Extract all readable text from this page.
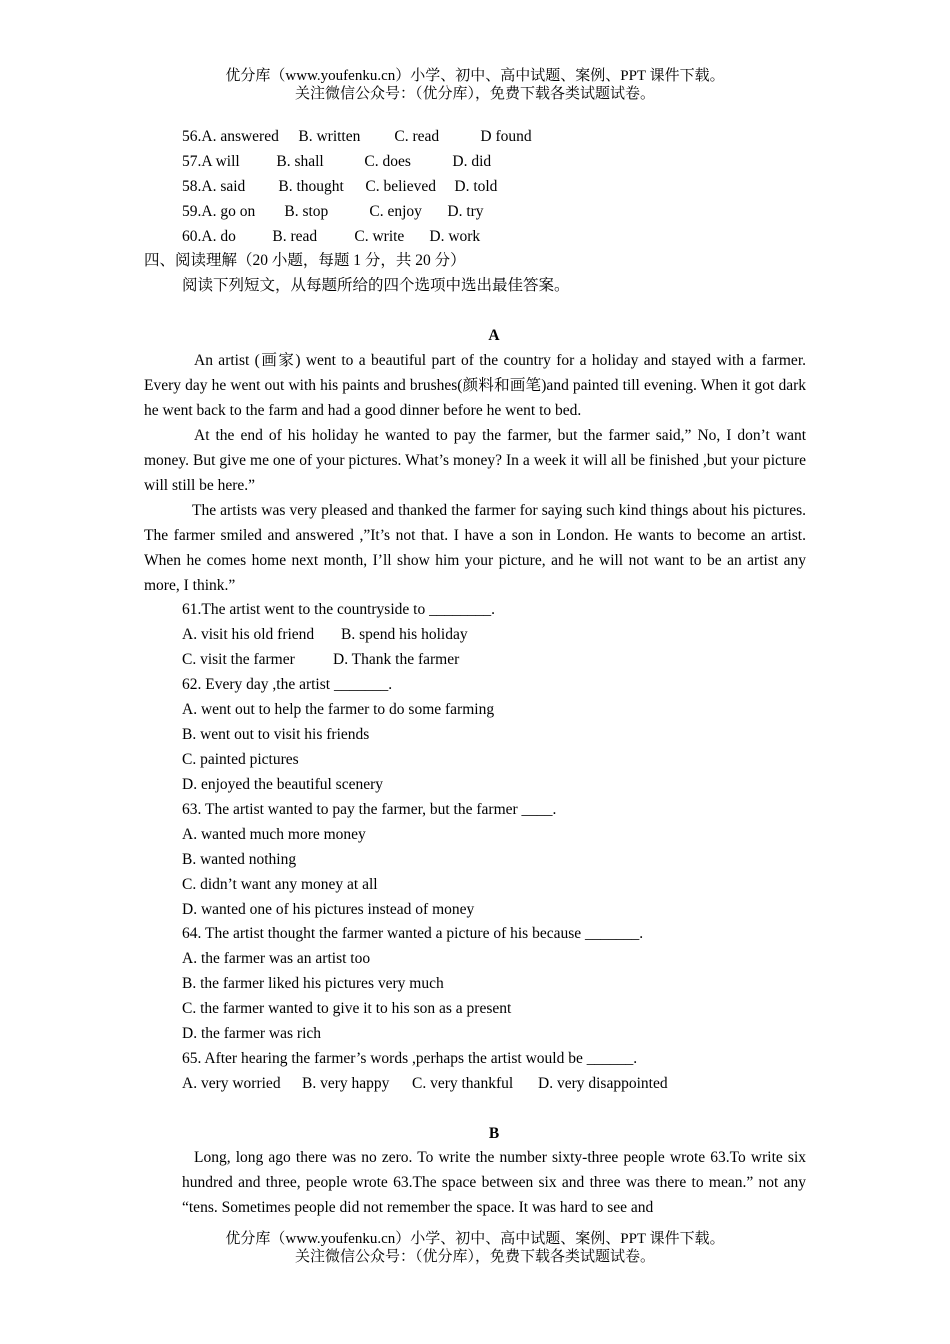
优分库（www.youfenku.cn）小学、初中、高中试题、案例、PPT 课件下载。
关注微信公众号：（优分库），免费下载各类试题试卷。
56.A. answered B. written C. read	D found
57.A will B. shall	C. does	D. did
58.A. said B. thought C. believed D. told
59.A. go on B. stop	C. enjoy D. try
60.A. do B. read C. write D. work
四、阅读理解（20 小题，每题 1 分，共 20 分）
阅读下列短文，从每题所给的四个选项中选出最佳答案。
A
An artist (画家) went to a beautiful part of the country for a holiday and stayed with a farmer. Every day he went out with his paints and brushes(颜料和画笔)and painted till evening. When it got dark he went back to the farm and had a good dinner before he went to bed.
At the end of his holiday he wanted to pay the farmer, but the farmer said,” No, I don’t want money. But give me one of your pictures. What’s money? In a week it will all be finished ,but your picture will still be here.”
The artists was very pleased and thanked the farmer for saying such kind things about his pictures. The farmer smiled and answered ,”It’s not that. I have a son in London. He wants to become an artist. When he comes home next month, I’ll show him your picture, and he will not want to be an artist any more, I think.”
61.The artist went to the countryside to ________.
A. visit his old friend B. spend his holiday
C. visit the farmer D. Thank the farmer
62. Every day ,the artist _______.
A. went out to help the farmer to do some farming
B. went out to visit his friends
C. painted pictures
D. enjoyed the beautiful scenery
63. The artist wanted to pay the farmer, but the farmer ____.
A. wanted much more money
B. wanted nothing
C. didn’t want any money at all
D. wanted one of his pictures instead of money
64. The artist thought the farmer wanted a picture of his because _______.
A. the farmer was an artist too
B. the farmer liked his pictures very much
C. the farmer wanted to give it to his son as a present
D. the farmer was rich
65. After hearing the farmer’s words ,perhaps the artist would be ______.
A. very worried B. very happy C. very thankful D. very disappointed
B
Long, long ago there was no zero. To write the number sixty-three people wrote 63.To write six hundred and three, people wrote 63.The space between six and three was there to mean.” not any “tens. Sometimes people did not remember the space. It was hard to see and
优分库（www.youfenku.cn）小学、初中、高中试题、案例、PPT 课件下载。
关注微信公众号：（优分库），免费下载各类试题试卷。
